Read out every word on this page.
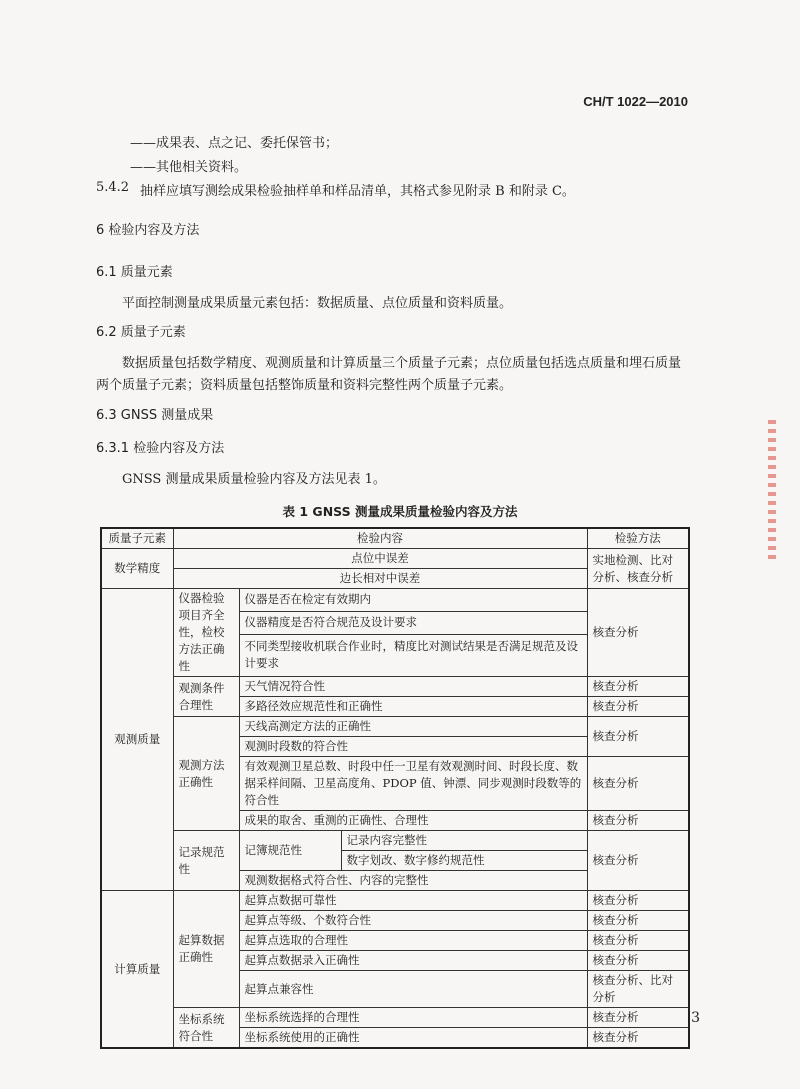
CH/T 1022—2010
——成果表、点之记、委托保管书；
——其他相关资料。
5.4.2 抽样应填写测绘成果检验抽样单和样品清单，其格式参见附录 B 和附录 C。
6 检验内容及方法
6.1 质量元素
平面控制测量成果质量元素包括：数据质量、点位质量和资料质量。
6.2 质量子元素
数据质量包括数学精度、观测质量和计算质量三个质量子元素；点位质量包括选点质量和埋石质量
两个质量子元素；资料质量包括整饰质量和资料完整性两个质量子元素。
6.3 GNSS 测量成果
6.3.1 检验内容及方法
GNSS 测量成果质量检验内容及方法见表 1。
表 1 GNSS 测量成果质量检验内容及方法
质量子元素	检验内容			检验方法
数学精度	点位中误差			实地检测、比对分析、核查分析
	边长相对中误差			
观测质量	仪器检验项目齐全性，检校方法正确性	仪器是否在检定有效期内		核查分析
		仪器精度是否符合规范及设计要求		
		不同类型接收机联合作业时，精度比对测试结果是否满足规范及设计要求		
	观测条件合理性	天气情况符合性		核查分析
		多路径效应规范性和正确性		核查分析
	观测方法正确性	天线高测定方法的正确性		核查分析
		观测时段数的符合性		
		有效观测卫星总数、时段中任一卫星有效观测时间、时段长度、数据采样间隔、卫星高度角、PDOP 值、钟漂、同步观测时段数等的符合性		核查分析
		成果的取舍、重测的正确性、合理性		核查分析
	记录规范性	记簿规范性	记录内容完整性	核查分析
			数字划改、数字修约规范性	
		观测数据格式符合性、内容的完整性		
计算质量	起算数据正确性	起算点数据可靠性		核查分析
		起算点等级、个数符合性		核查分析
		起算点选取的合理性		核查分析
		起算点数据录入正确性		核查分析
		起算点兼容性		核查分析、比对分析
	坐标系统符合性	坐标系统选择的合理性		核查分析
		坐标系统使用的正确性		核查分析
3
